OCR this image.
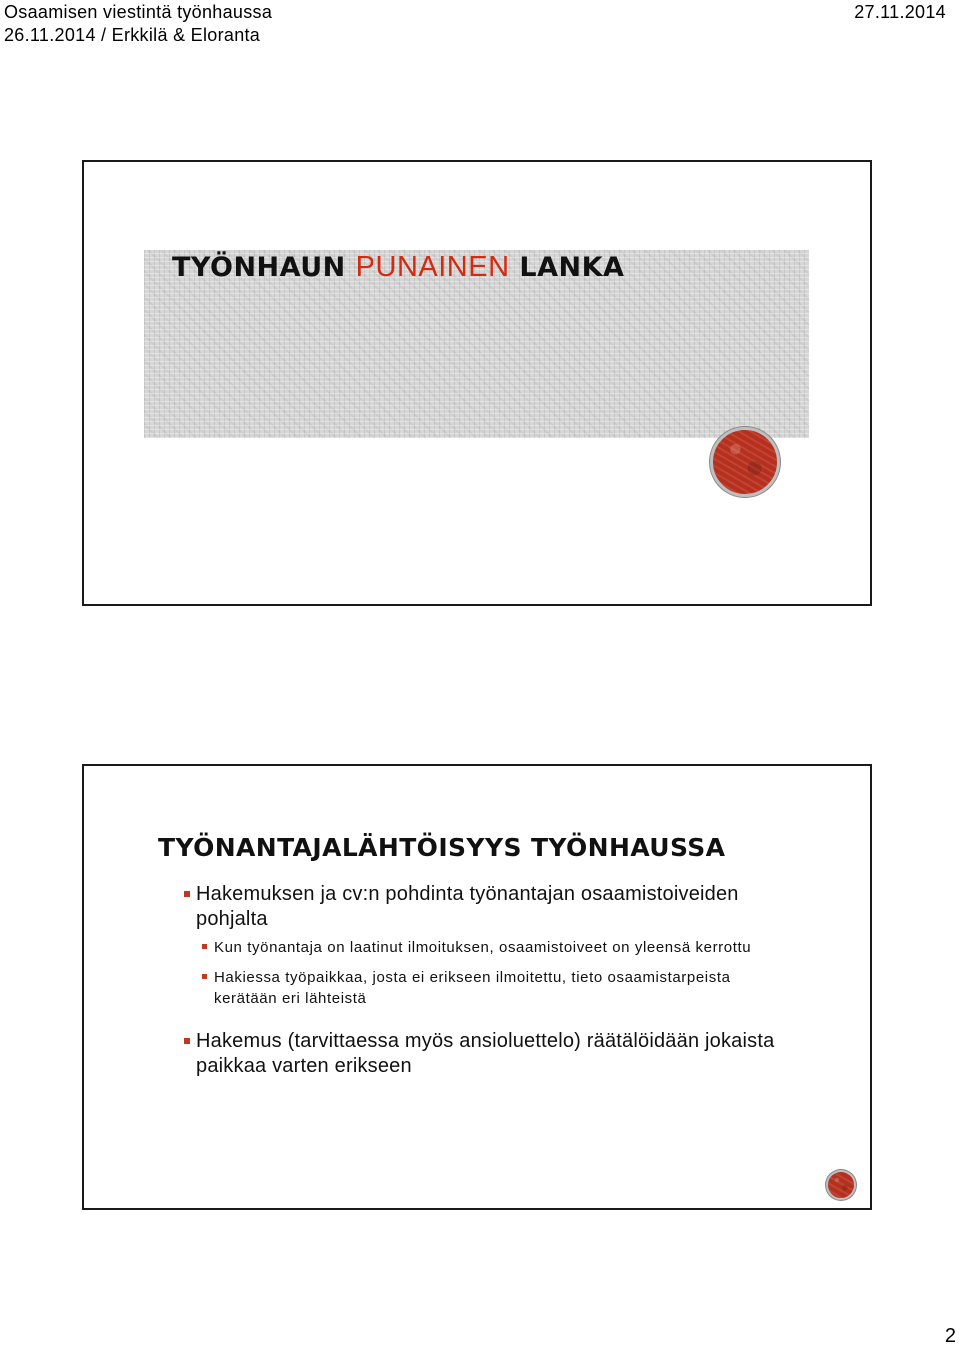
Osaamisen viestintä työnhaussa	27.11.2014
26.11.2014 / Erkkilä & Eloranta
TYÖNHAUN PUNAINEN LANKA
TYÖNANTAJALÄHTÖISYYS TYÖNHAUSSA
Hakemuksen ja cv:n pohdinta työnantajan osaamistoiveiden pohjalta
Kun työnantaja on laatinut ilmoituksen, osaamistoiveet on yleensä kerrottu
Hakiessa työpaikkaa, josta ei erikseen ilmoitettu, tieto osaamistarpeista kerätään eri lähteistä
Hakemus (tarvittaessa myös ansioluettelo) räätälöidään jokaista paikkaa varten erikseen
2
